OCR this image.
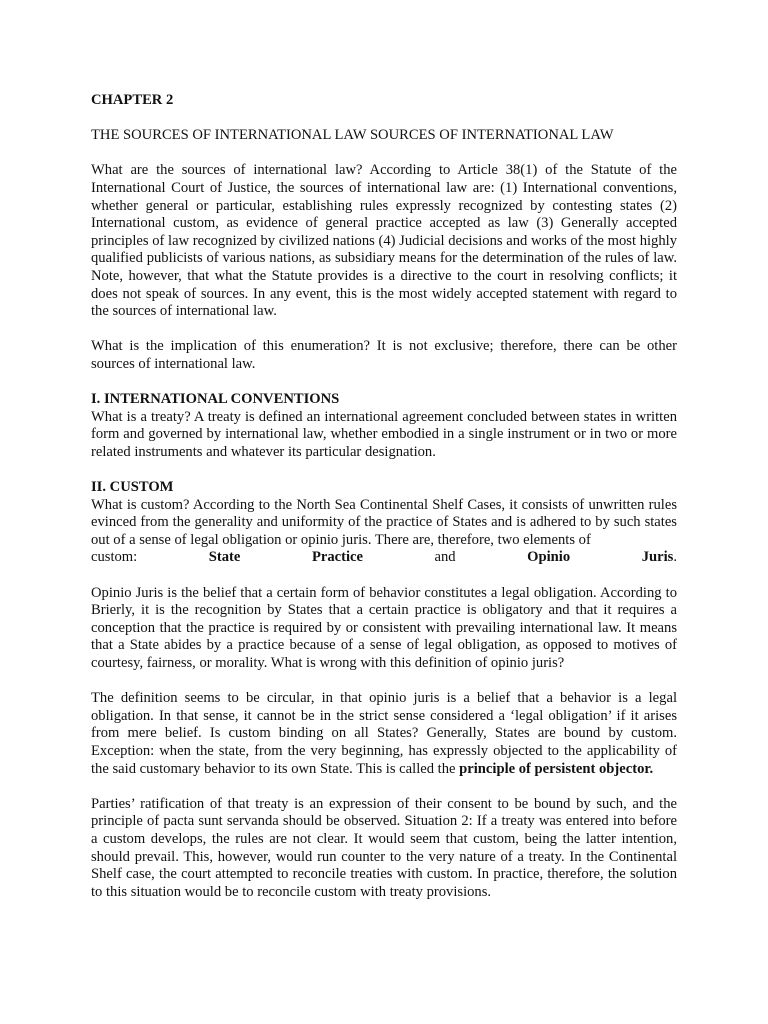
CHAPTER 2

THE SOURCES OF INTERNATIONAL LAW SOURCES OF INTERNATIONAL LAW

What are the sources of international law? According to Article 38(1) of the Statute of the International Court of Justice, the sources of international law are: (1) International conventions, whether general or particular, establishing rules expressly recognized by contesting states (2) International custom, as evidence of general practice accepted as law (3) Generally accepted principles of law recognized by civilized nations (4) Judicial decisions and works of the most highly qualified publicists of various nations, as subsidiary means for the determination of the rules of law. Note, however, that what the Statute provides is a directive to the court in resolving conflicts; it does not speak of sources. In any event, this is the most widely accepted statement with regard to the sources of international law.

What is the implication of this enumeration? It is not exclusive; therefore, there can be other sources of international law.

I. INTERNATIONAL CONVENTIONS

What is a treaty? A treaty is defined an international agreement concluded between states in written form and governed by international law, whether embodied in a single instrument or in two or more related instruments and whatever its particular designation.

II. CUSTOM

What is custom? According to the North Sea Continental Shelf Cases, it consists of unwritten rules evinced from the generality and uniformity of the practice of States and is adhered to by such states out of a sense of legal obligation or opinio juris. There are, therefore, two elements of

custom:	State	Practice	and	Opinio	Juris.

Opinio Juris is the belief that a certain form of behavior constitutes a legal obligation. According to Brierly, it is the recognition by States that a certain practice is obligatory and that it requires a conception that the practice is required by or consistent with prevailing international law. It means that a State abides by a practice because of a sense of legal obligation, as opposed to motives of courtesy, fairness, or morality. What is wrong with this definition of opinio juris?

The definition seems to be circular, in that opinio juris is a belief that a behavior is a legal obligation. In that sense, it cannot be in the strict sense considered a ‘legal obligation’ if it arises from mere belief. Is custom binding on all States? Generally, States are bound by custom. Exception: when the state, from the very beginning, has expressly objected to the applicability of the said customary behavior to its own State. This is called the principle of persistent objector.

Parties’ ratification of that treaty is an expression of their consent to be bound by such, and the principle of pacta sunt servanda should be observed. Situation 2: If a treaty was entered into before a custom develops, the rules are not clear. It would seem that custom, being the latter intention, should prevail. This, however, would run counter to the very nature of a treaty. In the Continental Shelf case, the court attempted to reconcile treaties with custom. In practice, therefore, the solution to this situation would be to reconcile custom with treaty provisions.
